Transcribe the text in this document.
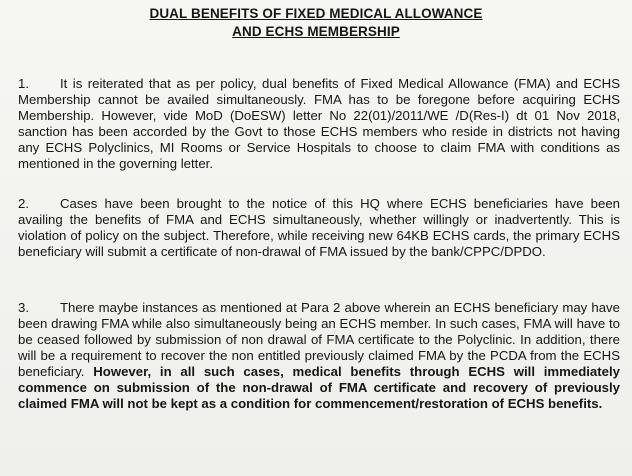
DUAL BENEFITS OF FIXED MEDICAL ALLOWANCE
AND ECHS MEMBERSHIP
1. It is reiterated that as per policy, dual benefits of Fixed Medical Allowance (FMA) and ECHS Membership cannot be availed simultaneously. FMA has to be foregone before acquiring ECHS Membership. However, vide MoD (DoESW) letter No 22(01)/2011/WE /D(Res-I) dt 01 Nov 2018, sanction has been accorded by the Govt to those ECHS members who reside in districts not having any ECHS Polyclinics, MI Rooms or Service Hospitals to choose to claim FMA with conditions as mentioned in the governing letter.
2. Cases have been brought to the notice of this HQ where ECHS beneficiaries have been availing the benefits of FMA and ECHS simultaneously, whether willingly or inadvertently. This is violation of policy on the subject. Therefore, while receiving new 64KB ECHS cards, the primary ECHS beneficiary will submit a certificate of non-drawal of FMA issued by the bank/CPPC/DPDO.
3. There maybe instances as mentioned at Para 2 above wherein an ECHS beneficiary may have been drawing FMA while also simultaneously being an ECHS member. In such cases, FMA will have to be ceased followed by submission of non drawal of FMA certificate to the Polyclinic. In addition, there will be a requirement to recover the non entitled previously claimed FMA by the PCDA from the ECHS beneficiary. However, in all such cases, medical benefits through ECHS will immediately commence on submission of the non-drawal of FMA certificate and recovery of previously claimed FMA will not be kept as a condition for commencement/restoration of ECHS benefits.
